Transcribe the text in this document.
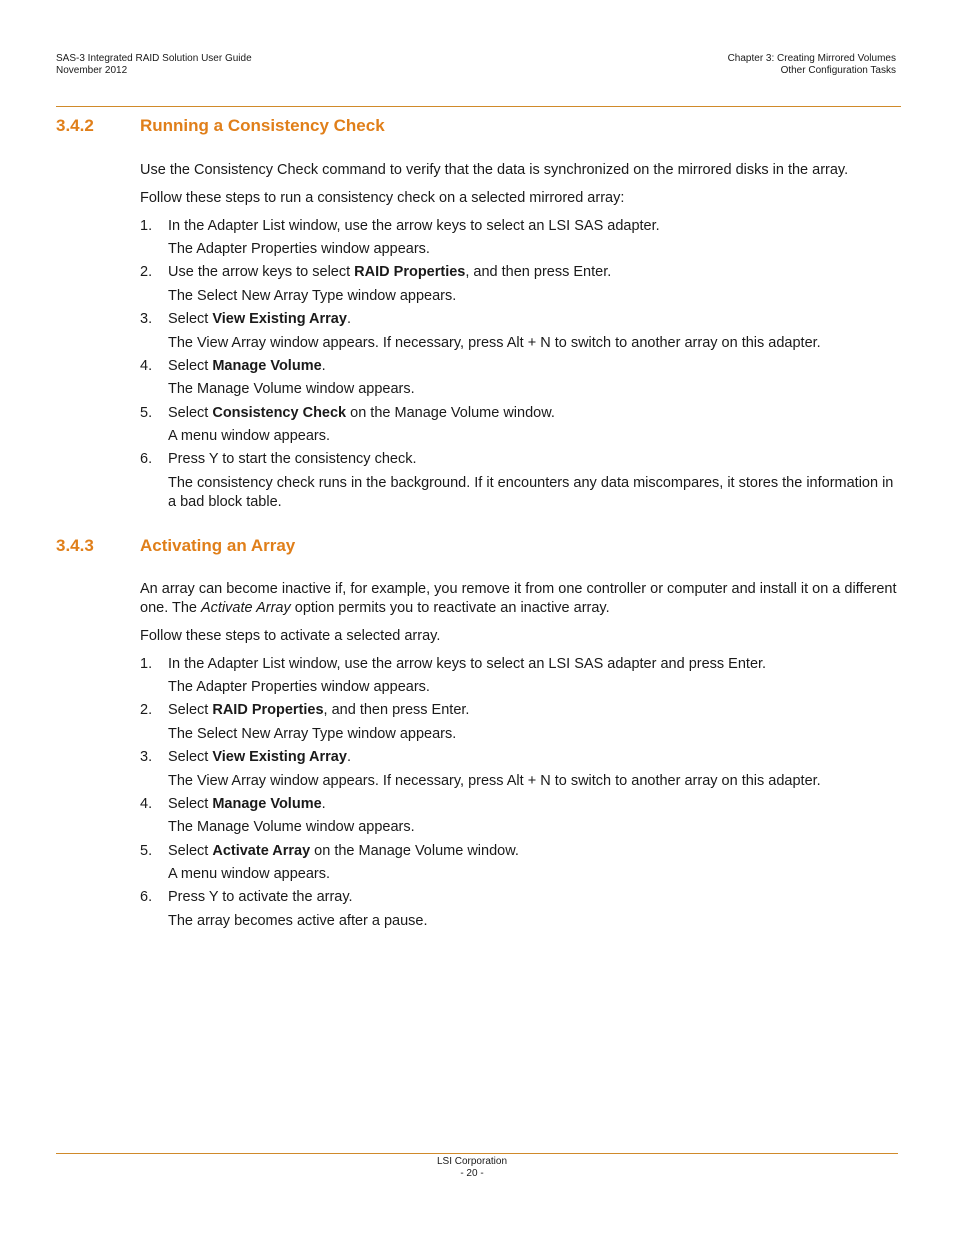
SAS-3 Integrated RAID Solution User Guide
November 2012
Chapter 3: Creating Mirrored Volumes
Other Configuration Tasks
3.4.2	Running a Consistency Check
Use the Consistency Check command to verify that the data is synchronized on the mirrored disks in the array.
Follow these steps to run a consistency check on a selected mirrored array:
1. In the Adapter List window, use the arrow keys to select an LSI SAS adapter.
The Adapter Properties window appears.
2. Use the arrow keys to select RAID Properties, and then press Enter.
The Select New Array Type window appears.
3. Select View Existing Array.
The View Array window appears. If necessary, press Alt + N to switch to another array on this adapter.
4. Select Manage Volume.
The Manage Volume window appears.
5. Select Consistency Check on the Manage Volume window.
A menu window appears.
6. Press Y to start the consistency check.
The consistency check runs in the background. If it encounters any data miscompares, it stores the information in a bad block table.
3.4.3	Activating an Array
An array can become inactive if, for example, you remove it from one controller or computer and install it on a different one. The Activate Array option permits you to reactivate an inactive array.
Follow these steps to activate a selected array.
1. In the Adapter List window, use the arrow keys to select an LSI SAS adapter and press Enter.
The Adapter Properties window appears.
2. Select RAID Properties, and then press Enter.
The Select New Array Type window appears.
3. Select View Existing Array.
The View Array window appears. If necessary, press Alt + N to switch to another array on this adapter.
4. Select Manage Volume.
The Manage Volume window appears.
5. Select Activate Array on the Manage Volume window.
A menu window appears.
6. Press Y to activate the array.
The array becomes active after a pause.
LSI Corporation
- 20 -
